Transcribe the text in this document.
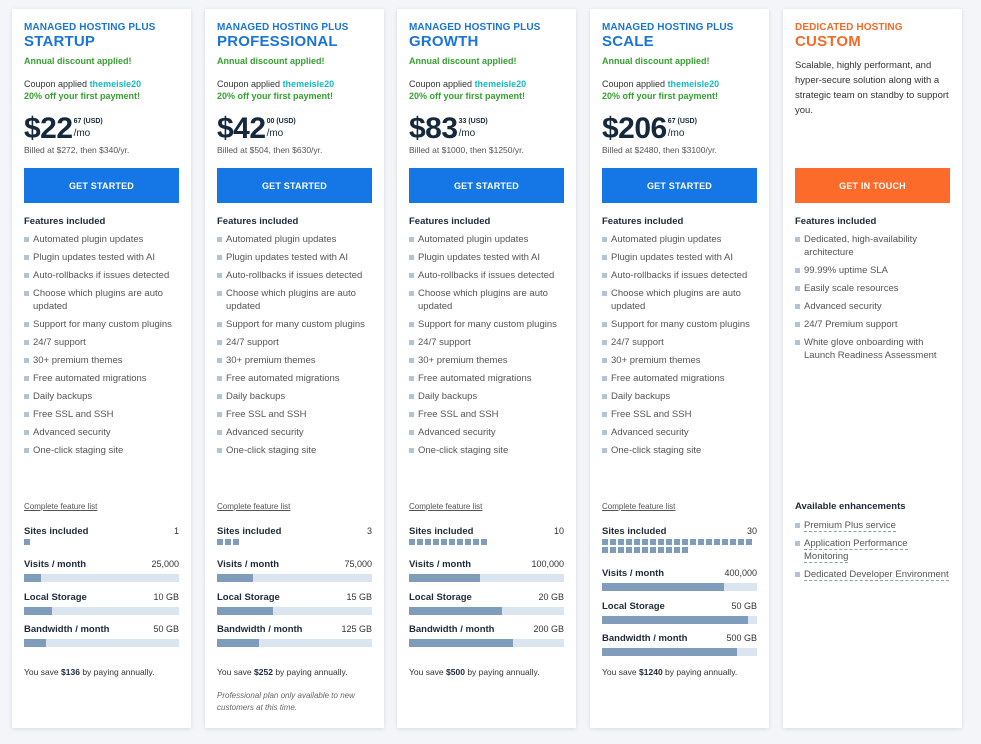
MANAGED HOSTING PLUS
STARTUP
Annual discount applied!
Coupon applied themeisle20
20% off your first payment!
$22 67 (USD)
/mo
Billed at $272, then $340/yr.
GET STARTED
Features included
Automated plugin updates
Plugin updates tested with AI
Auto-rollbacks if issues detected
Choose which plugins are auto updated
Support for many custom plugins
24/7 support
30+ premium themes
Free automated migrations
Daily backups
Free SSL and SSH
Advanced security
One-click staging site
Complete feature list
Sites included	1
Visits / month	25,000
Local Storage	10 GB
Bandwidth / month	50 GB
You save $136 by paying annually.
MANAGED HOSTING PLUS
PROFESSIONAL
Annual discount applied!
Coupon applied themeisle20
20% off your first payment!
$42 00 (USD)
/mo
Billed at $504, then $630/yr.
GET STARTED
Features included
Automated plugin updates
Plugin updates tested with AI
Auto-rollbacks if issues detected
Choose which plugins are auto updated
Support for many custom plugins
24/7 support
30+ premium themes
Free automated migrations
Daily backups
Free SSL and SSH
Advanced security
One-click staging site
Complete feature list
Sites included	3
Visits / month	75,000
Local Storage	15 GB
Bandwidth / month	125 GB
You save $252 by paying annually.
Professional plan only available to new customers at this time.
MANAGED HOSTING PLUS
GROWTH
Annual discount applied!
Coupon applied themeisle20
20% off your first payment!
$83 33 (USD)
/mo
Billed at $1000, then $1250/yr.
GET STARTED
Features included
Automated plugin updates
Plugin updates tested with AI
Auto-rollbacks if issues detected
Choose which plugins are auto updated
Support for many custom plugins
24/7 support
30+ premium themes
Free automated migrations
Daily backups
Free SSL and SSH
Advanced security
One-click staging site
Complete feature list
Sites included	10
Visits / month	100,000
Local Storage	20 GB
Bandwidth / month	200 GB
You save $500 by paying annually.
MANAGED HOSTING PLUS
SCALE
Annual discount applied!
Coupon applied themeisle20
20% off your first payment!
$206 67 (USD)
/mo
Billed at $2480, then $3100/yr.
GET STARTED
Features included
Automated plugin updates
Plugin updates tested with AI
Auto-rollbacks if issues detected
Choose which plugins are auto updated
Support for many custom plugins
24/7 support
30+ premium themes
Free automated migrations
Daily backups
Free SSL and SSH
Advanced security
One-click staging site
Complete feature list
Sites included	30
Visits / month	400,000
Local Storage	50 GB
Bandwidth / month	500 GB
You save $1240 by paying annually.
DEDICATED HOSTING
CUSTOM
Scalable, highly performant, and hyper-secure solution along with a strategic team on standby to support you.
GET IN TOUCH
Features included
Dedicated, high-availability architecture
99.99% uptime SLA
Easily scale resources
Advanced security
24/7 Premium support
White glove onboarding with Launch Readiness Assessment
Available enhancements
Premium Plus service
Application Performance Monitoring
Dedicated Developer Environment
